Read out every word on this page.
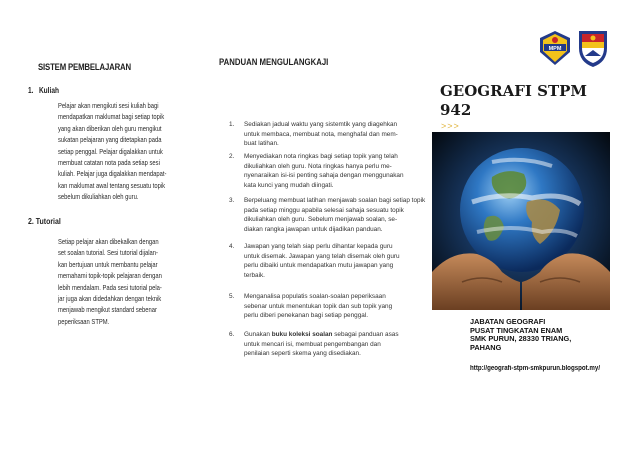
SISTEM PEMBELAJARAN
1. Kuliah
Pelajar akan mengikuti sesi kuliah bagi
mendapatkan maklumat bagi setiap topik
yang akan diberikan oleh guru mengikut
sukatan pelajaran yang ditetapkan pada
setiap penggal. Pelajar digalakkan untuk
membuat catatan nota pada setiap sesi
kuliah. Pelajar juga digalakkan mendapat-
kan maklumat awal tentang sesuatu topik
sebelum dikuliahkan oleh guru.
2. Tutorial
Setiap pelajar akan dibekalkan dengan
set soalan tutorial. Sesi tutorial dijalan-
kan bertujuan untuk membantu pelajar
memahami topik-topik pelajaran dengan
lebih mendalam. Pada sesi tutorial pela-
jar juga akan didedahkan dengan teknik
menjawab mengikut standard sebenar
peperiksaan STPM.
PANDUAN MENGULANGKAJI
1. Sediakan jadual waktu yang sistemtik yang diagehkan
untuk membaca, membuat nota, menghafal dan mem-
buat latihan.
2. Menyediakan nota ringkas bagi setiap topik yang telah
dikuliahkan oleh guru. Nota ringkas hanya perlu me-
nyenaraikan isi-isi penting sahaja dengan menggunakan
kata kunci yang mudah diingati.
3. Berpeluang membuat latihan menjawab soalan bagi setiap topik
pada setiap minggu apabila selesai sahaja sesuatu topik
dikuliahkan oleh guru. Sebelum menjawab soalan, se-
diakan rangka jawapan untuk dijadikan panduan.
4. Jawapan yang telah siap perlu dihantar kepada guru
untuk disemak. Jawapan yang telah disemak oleh guru
perlu dibaiki untuk mendapatkan mutu jawapan yang
terbaik.
5. Menganalisa populatis soalan-soalan peperiksaan
sebenar untuk menentukan topik dan sub topik yang
perlu diberi penekanan bagi setiap penggal.
6. Gunakan buku koleksi soalan sebagai panduan asas
untuk mencari isi, membuat pengembangan dan
penilaian seperti skema yang disediakan.
MPM
GEOGRAFI STPM
942
>>>
JABATAN GEOGRAFI
PUSAT TINGKATAN ENAM
SMK PURUN, 28330 TRIANG,
PAHANG
http://geografi-stpm-smkpurun.blogspot.my/
